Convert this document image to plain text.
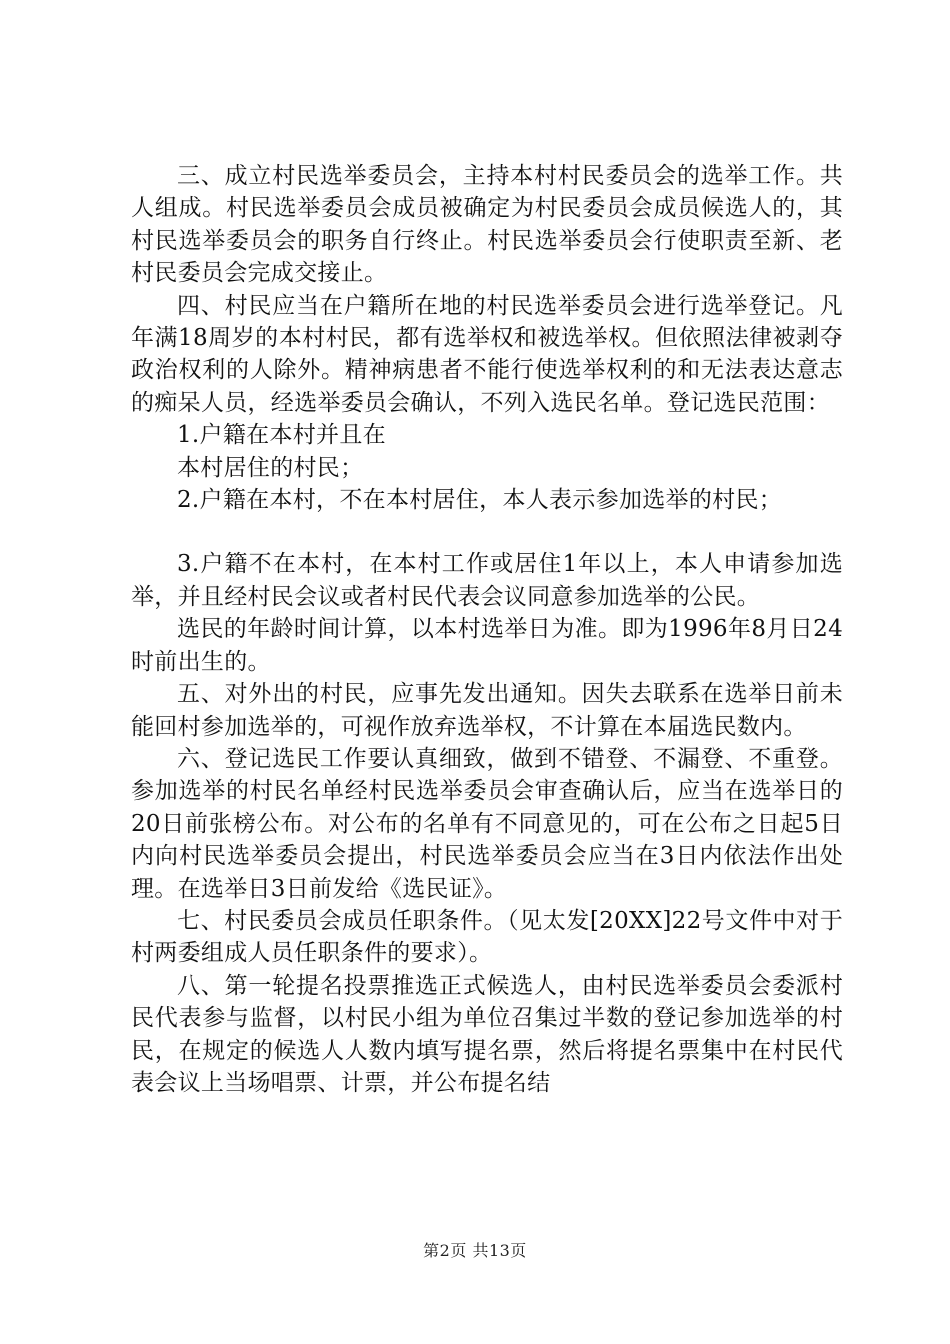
三、成立村民选举委员会，主持本村村民委员会的选举工作。共人组成。村民选举委员会成员被确定为村民委员会成员候选人的，其村民选举委员会的职务自行终止。村民选举委员会行使职责至新、老村民委员会完成交接止。

四、村民应当在户籍所在地的村民选举委员会进行选举登记。凡年满18周岁的本村村民，都有选举权和被选举权。但依照法律被剥夺政治权利的人除外。精神病患者不能行使选举权利的和无法表达意志的痴呆人员，经选举委员会确认，不列入选民名单。登记选民范围：

1.户籍在本村并且在

本村居住的村民；

2.户籍在本村，不在本村居住，本人表示参加选举的村民；

3.户籍不在本村，在本村工作或居住1年以上，本人申请参加选举，并且经村民会议或者村民代表会议同意参加选举的公民。

选民的年龄时间计算，以本村选举日为准。即为1996年8月日24时前出生的。

五、对外出的村民，应事先发出通知。因失去联系在选举日前未能回村参加选举的，可视作放弃选举权，不计算在本届选民数内。

六、登记选民工作要认真细致，做到不错登、不漏登、不重登。参加选举的村民名单经村民选举委员会审查确认后，应当在选举日的20日前张榜公布。对公布的名单有不同意见的，可在公布之日起5日内向村民选举委员会提出，村民选举委员会应当在3日内依法作出处理。在选举日3日前发给《选民证》。

七、村民委员会成员任职条件。（见太发[20XX]22号文件中对于村两委组成人员任职条件的要求）。

八、第一轮提名投票推选正式候选人，由村民选举委员会委派村民代表参与监督，以村民小组为单位召集过半数的登记参加选举的村民，在规定的候选人人数内填写提名票，然后将提名票集中在村民代表会议上当场唱票、计票，并公布提名结

第2页 共13页
